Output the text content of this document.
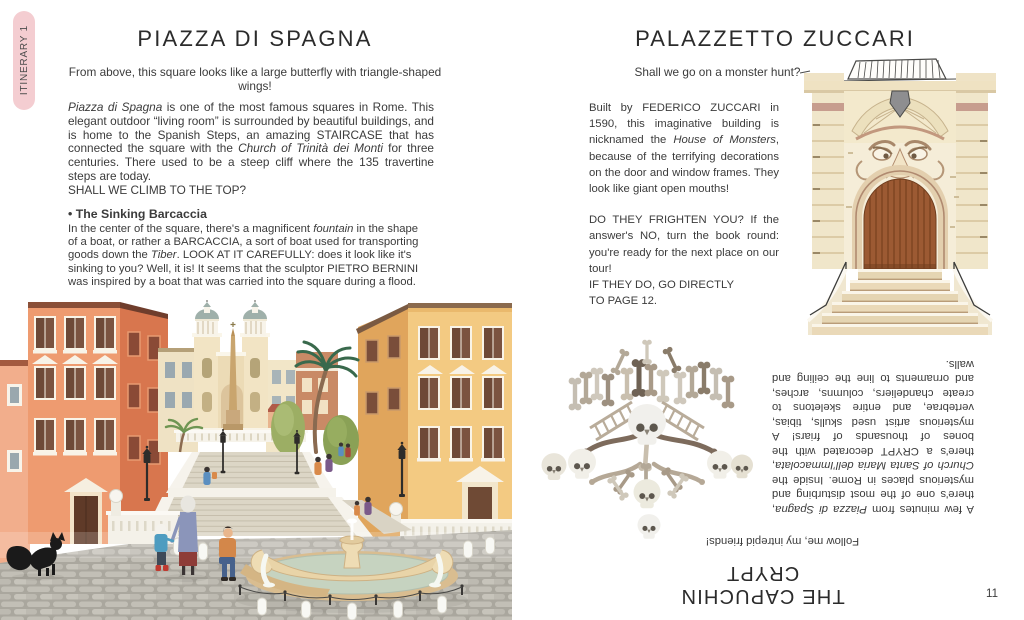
ITINERARY 1	PIAZZA DI SPAGNA

From above, this square looks like a large butterfly with triangle-shaped wings!

Piazza di Spagna is one of the most famous squares in Rome. This elegant outdoor “living room” is surrounded by beautiful buildings, and is home to the Spanish Steps, an amazing STAIRCASE that has connected the square with the Church of Trinità dei Monti for three centuries. There used to be a steep cliff where the 135 travertine steps are today.
SHALL WE CLIMB TO THE TOP?

• The Sinking Barcaccia

In the center of the square, there's a magnificent fountain in the shape of a boat, or rather a BARCACCIA, a sort of boat used for transporting goods down the Tiber. LOOK AT IT CAREFULLY: does it look like it's sinking to you? Well, it is! It seems that the sculptor PIETRO BERNINI was inspired by a boat that was carried into the square during a flood.

PALAZZETTO ZUCCARI

Shall we go on a monster hunt?

Built by FEDERICO ZUCCARI in 1590, this imaginative building is nicknamed the House of Monsters, because of the terrifying decorations on the door and window frames. They look like giant open mouths!

DO THEY FRIGHTEN YOU? If the answer's NO, turn the book round: you're ready for the next place on our tour!
IF THEY DO, GO DIRECTLY
TO PAGE 12.

A few minutes from Piazza di Spagna, there's one of the most disturbing and mysterious places in Rome. Inside the Church of Santa Maria dell’Immacolata, there's a CRYPT decorated with the bones of thousands of friars! A mysterious artist used skulls, tibias, vertebrae, and entire skeletons to create chandeliers, columns, arches, and ornaments to line the ceiling and walls.

Follow me, my intrepid friends!

THE CAPUCHIN CRYPT
11
